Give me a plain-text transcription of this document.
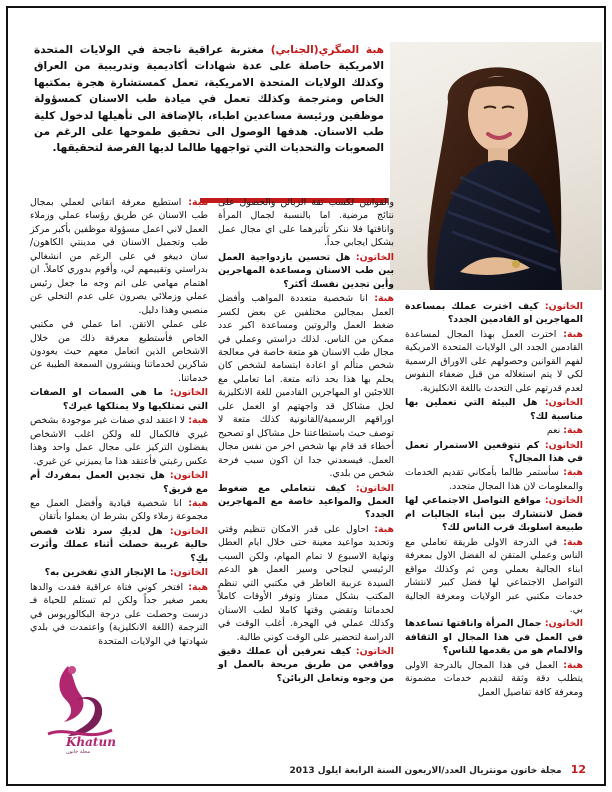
هبة الصگري(الجنابي) مغتربة عراقية ناجحة في الولايات المتحدة الامريكية حاصلة على عدة شهادات أكاديمية وتدريبية من العراق وكذلك الولايات المتحدة الامريكية، تعمل كمستشارة هجرة بمكتبها الخاص ومترجمة وكذلك تعمل في ميادة طب الاسنان كمسؤولة موظفين ورئيسة مساعدين اطباء، بالإضافة الى تأهيلها لدخول كلية طب الاسنان. هدفها الوصول الى تحقيق طموحها على الرغم من الصعوبات والتحديات التي تواجهها طالما لديها الفرصة لتحقيقها.

الخاتون: كيف اخترت عملك بمساعدة المهاجرين او القادمين الجدد؟

هبة: اخترت العمل بهذا المجال لمساعدة القادمين الجدد الى الولايات المتحدة الامريكية لفهم القوانين وحصولهم على الاوراق الرسمية لكي لا يتم استغلاله من قبل ضعفاء النفوس لعدم قدرتهم على التحدث باللغة الانكليزية.

الخاتون: هل البيئة التي تعملين بها مناسبة لك؟

هبة: نعم

الخاتون: كم تتوقعين الاستمرار تعمل في هذا المجال؟

هبة: سأستمر طالما بأمكاني تقديم الخدمات والمعلومات لان هذا المجال متجدد.

الخاتون: مواقع التواصل الاجتماعي لها فضل لانتشارك بين أبناء الجاليات ام طبيعة اسلوبك قرب الناس لك؟

هبة: في الدرجة الاولى طريقة تعاملي مع الناس وعملي المتقن له الفضل الاول بمعرفة ابناء الجالية بعملي ومن ثم وكذلك مواقع التواصل الاجتماعي لها فضل كبير لانتشار خدمات مكتبي عبر الولايات ومعرفة الجالية بي.

الخاتون: جمال المرأة واناقتها تساعدها في العمل في هذا المجال او الثقافة والالمام هو من يقدمها للناس؟

هبة: العمل في هذا المجال بالدرجة الاولى يتطلب دقة وثقة لتقديم خدمات مضمونة ومعرفة كافة تفاصيل العمل

والقوانين لكسب ثقة الزبائن والحصول على نتائج مرضية. اما بالنسبة لجمال المرأة واناقتها فلا ننكر تأثيرهما على اي مجال عمل بشكل ايجابي جداً.

الخاتون: هل تحسين بازدواجية العمل بين طب الاسنان ومساعدة المهاجرين وأين تجدين نفسك أكثر؟

هبة: انا شخصية متعددة المواهب وأفضل العمل بمجالين مختلفين عن بعض لكسر ضغط العمل والروتين ومساعدة اكبر عدد ممكن من الناس. لذلك دراستي وعملي في مجال طب الاسنان هو متعة خاصة في معالجة شخص متألم او اعادة ابتسامة لشخص كان يحلم بها هذا بحد ذاته متعة. اما تعاملي مع اللاجئين او المهاجرين القادمين للغة الانكليزية لحل مشاكل قد واجهتهم او العمل على اوراقهم الرسمية/القانونية كذلك متعة لا توصف حيث باستطاعتنا حل مشاكل او تصحيح أخطاء قد قام بها شخص اخر من نفس مجال العمل. فيسعدني جدا ان اكون سبب فرحة شخص من بلدي.

الخاتون: كيف تتعاملي مع ضغوط العمل والمواعيد خاصة مع المهاجرين الجدد؟

هبة: احاول على قدر الامكان تنظيم وقتي وتحديد مواعيد معينة حتى خلال ايام العطل ونهاية الاسبوع لا تمام المهام، ولكن السبب الرئيسي لنجاحي وسير العمل هو الدعم السيدة عربية العاطر في مكتبي التي تنظم المكتب بشكل ممتاز وتوفر الأوقات كاملاً لخدماتنا وتقضي وقتها كاملا لطب الاسنان وكذلك عملي في الهجرة. أغلب الوقت في الدراسة لتحضير على الوقت كوني طالبة.

الخاتون: كيف تعرفين أن عملك دقيق وواقعي من طريق مريحة بالعمل او من وجوه وتعامل الزبائن؟

هبة: استطيع معرفة اتقاني لعملي بمجال طب الاسنان عن طريق رؤساء عملي وزملاء العمل لاني اعمل مسؤولة موظفين بأكبر مركز طب وتجميل الاسنان في مدينتي الكاهون/ سان دييغو في على الرغم من انشغالي بدراستي وتقييمهم لي، وأقوم بدوري كاملاً. ان اهتمام مهامي على اتم وجه ما جعل رئيس عملي وزملائي يصرون على عدم التخلي عن منصبي وهذا دليل.

على عملي الاتقن. اما عملي في مكتبي الخاص فأستطيع معرفة ذلك من خلال الاشخاص الذين اتعامل معهم حيث يعودون شاكرين لخدماتنا وينشرون السمعة الطيبة عن خدماتنا.

الخاتون: ما هي السمات او الصفات التي تمتلكيها ولا يمتلكها غيرك؟

هبة: لا اعتقد لدي صفات غير موجودة بشخص غيري فالكمال لله ولكن اغلب الاشخاص يفضلون التركيز على مجال عمل واحد وهذا عكس رغبتي فأعتقد هذا ما يميزني عن غيري.

الخاتون: هل تجدين العمل بمفردك أم مع فريق؟

هبة: انا شخصية قيادية وأفضل العمل مع مجموعة زملاء ولكن بشرط ان يعملوا بأتقان

الخاتون: هل لديكِ سرد ثلاث قصص حالية غريبة حصلت أثناء عملك وأثرت بكِ؟

الخاتون: ما الإنجاز الذي تفخرين به؟

هبة: افتخر كوني فتاة عراقية فقدت والدها بعمر صغير جداً ولكن لم تستلم للحياة فـ درست وحصلت على درجة البكالوريوس في الترجمة (اللغة الانكليزية) واعتمدت في بلدي شهادتها في الولايات المتحدة

Khatun
مجلة خاتون
12 مجلة خاتون مونتريال العدد/الاربعون السنة الرابعة ايلول 2013
